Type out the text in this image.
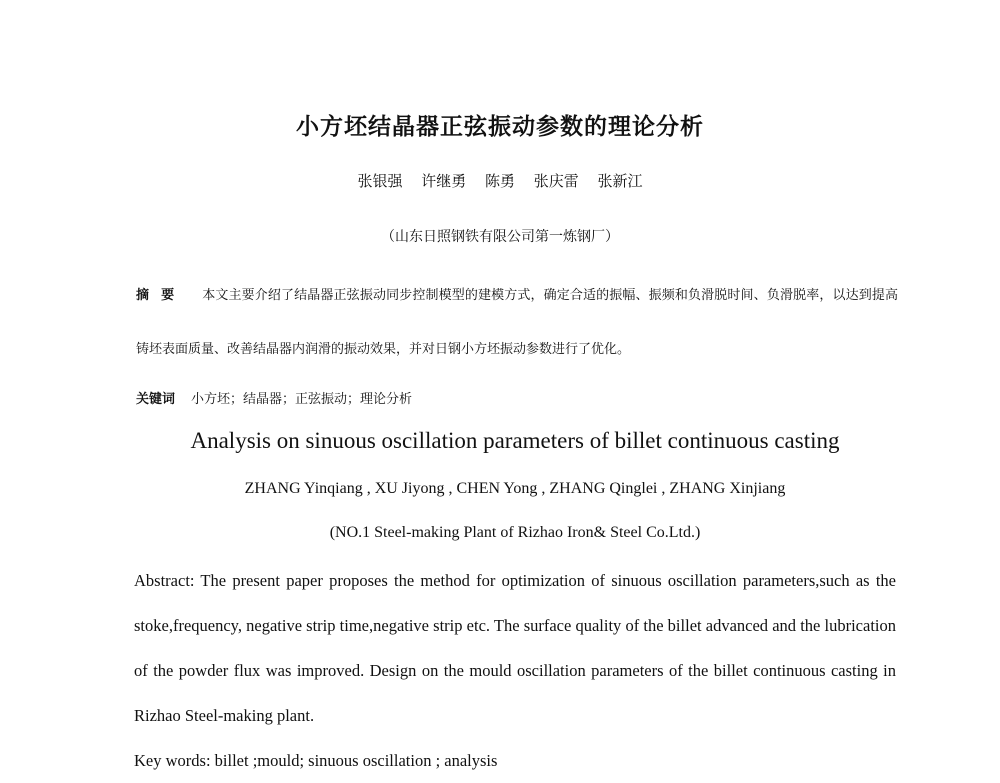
小方坯结晶器正弦振动参数的理论分析
张银强 许继勇 陈勇 张庆雷 张新江
（山东日照钢铁有限公司第一炼钢厂）
摘要 本文主要介绍了结晶器正弦振动同步控制模型的建模方式，确定合适的振幅、振频和负滑脱时间、负滑脱率，以达到提高铸坯表面质量、改善结晶器内润滑的振动效果，并对日钢小方坯振动参数进行了优化。
关键词 小方坯；结晶器；正弦振动；理论分析
Analysis on sinuous oscillation parameters of billet continuous casting
ZHANG Yinqiang , XU Jiyong , CHEN Yong , ZHANG Qinglei , ZHANG Xinjiang
(NO.1 Steel-making Plant of Rizhao Iron& Steel Co.Ltd.)
Abstract: The present paper proposes the method for optimization of sinuous oscillation parameters,such as the stoke,frequency, negative strip time,negative strip etc. The surface quality of the billet advanced and the lubrication of the powder flux was improved. Design on the mould oscillation parameters of the billet continuous casting in Rizhao Steel-making plant.
Key words: billet ;mould; sinuous oscillation ; analysis
